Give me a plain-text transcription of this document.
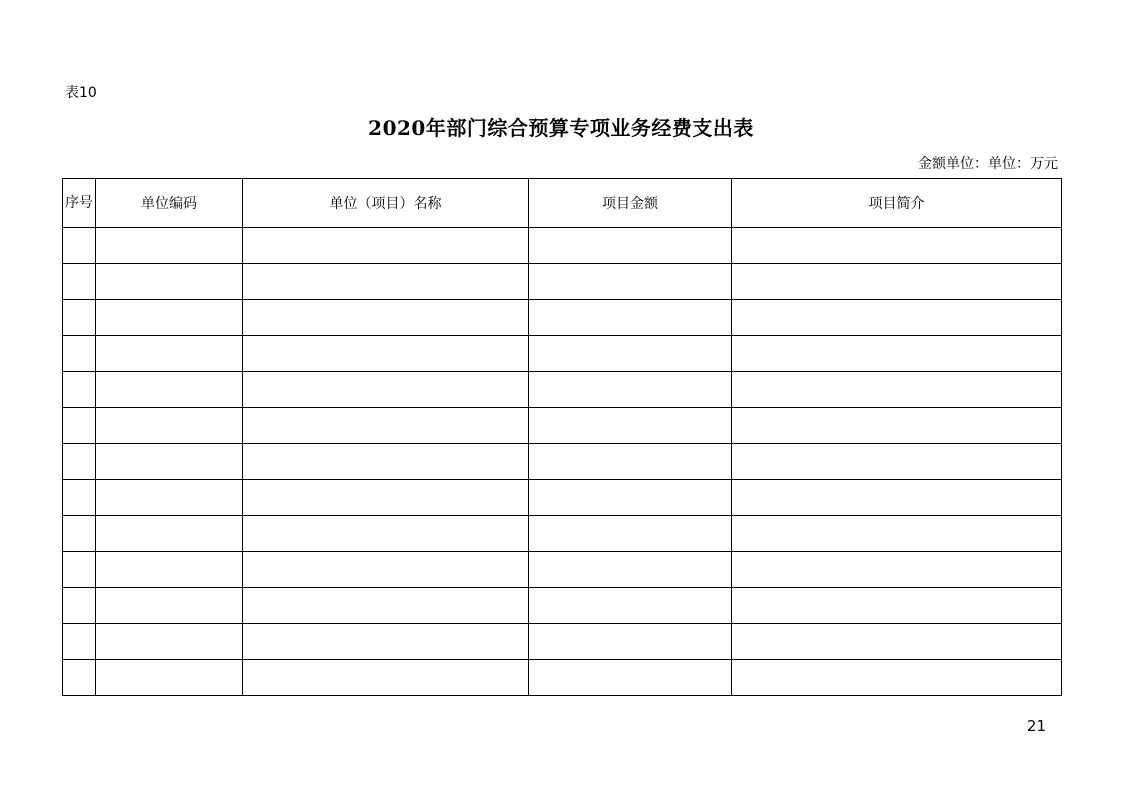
表10
2020年部门综合预算专项业务经费支出表
金额单位：单位：万元
序号	单位编码	单位（项目）名称	项目金额	项目简介

21
